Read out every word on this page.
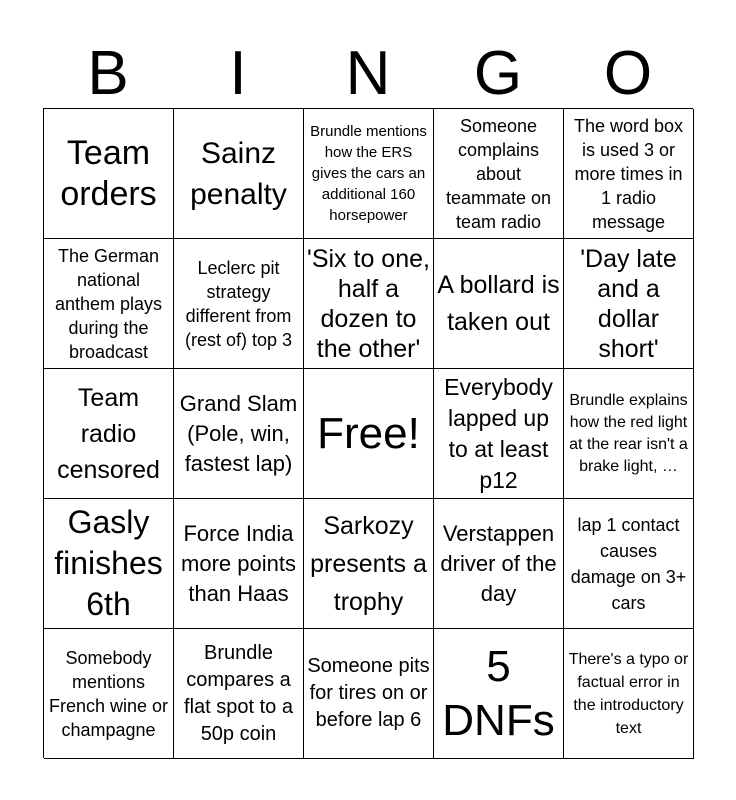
B	I	N	G	O
Team orders
Sainz penalty
Brundle mentions how the ERS gives the cars an additional 160 horsepower
Someone complains about teammate on team radio
The word box is used 3 or more times in 1 radio message
The German national anthem plays during the broadcast
Leclerc pit strategy different from (rest of) top 3
'Six to one, half a dozen to the other'
A bollard is taken out
'Day late and a dollar short'
Team radio censored
Grand Slam (Pole, win, fastest lap)
Free!
Everybody lapped up to at least p12
Brundle explains how the red light at the rear isn't a brake light, …
Gasly finishes 6th
Force India more points than Haas
Sarkozy presents a trophy
Verstappen driver of the day
lap 1 contact causes damage on 3+ cars
Somebody mentions French wine or champagne
Brundle compares a flat spot to a 50p coin
Someone pits for tires on or before lap 6
5 DNFs
There's a typo or factual error in the introductory text
